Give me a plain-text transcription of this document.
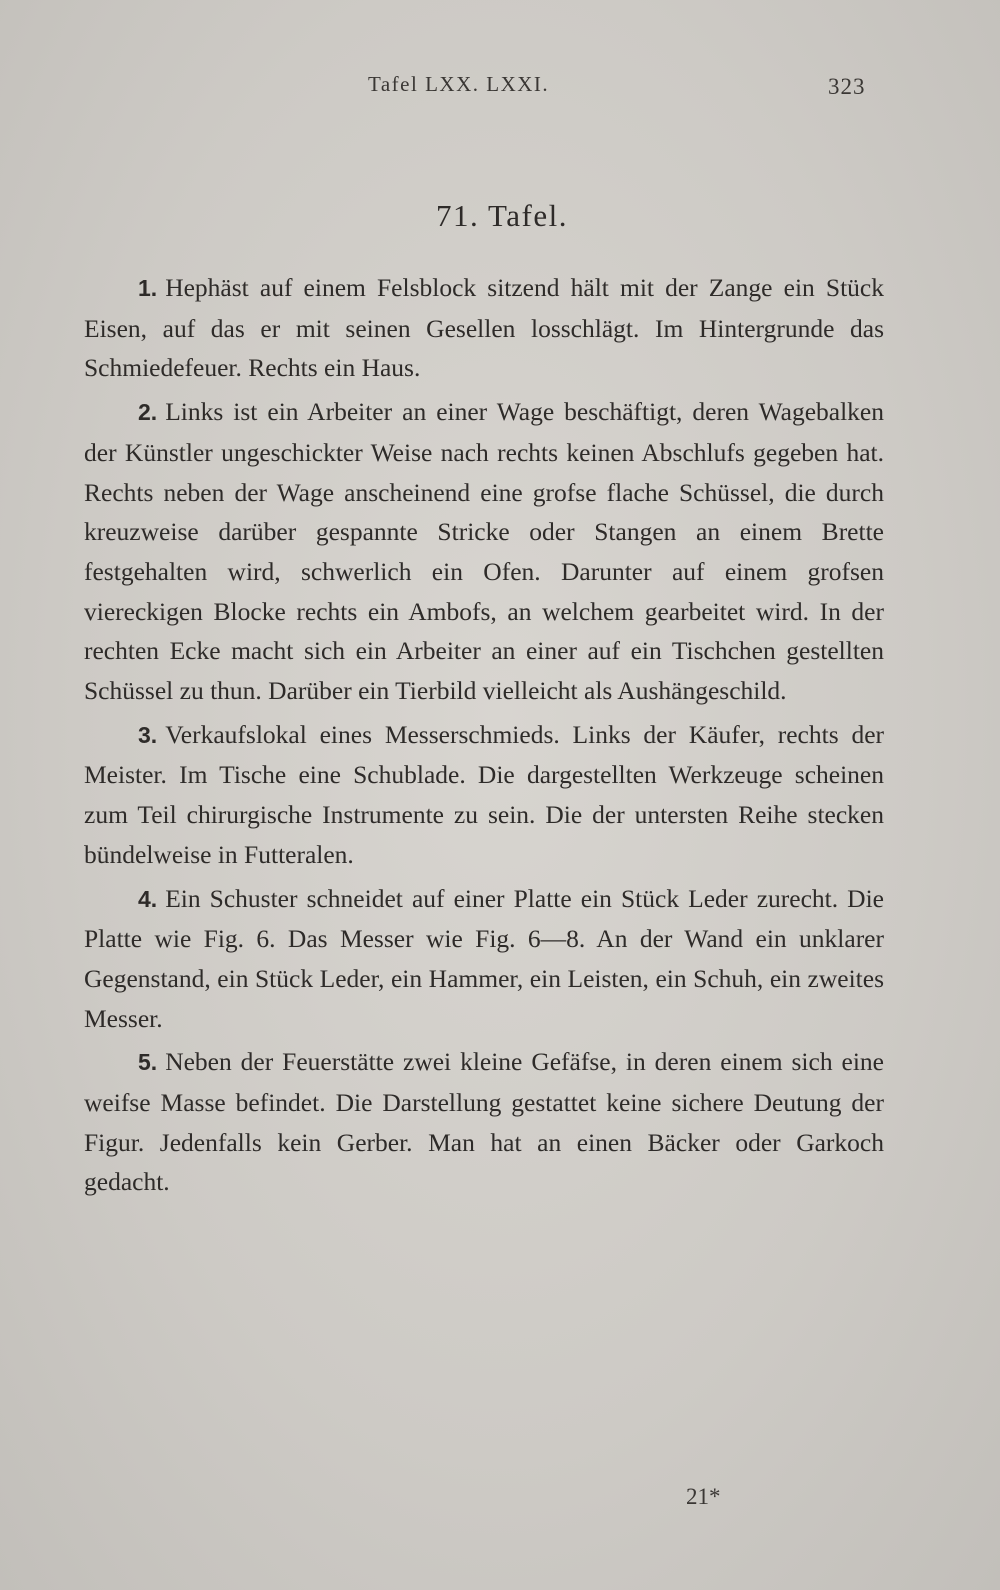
Tafel LXX. LXXI.	323
71. Tafel.

1. Hephäst auf einem Felsblock sitzend hält mit der Zange ein Stück Eisen, auf das er mit seinen Gesellen losschlägt. Im Hintergrunde das Schmiedefeuer. Rechts ein Haus.

2. Links ist ein Arbeiter an einer Wage beschäftigt, deren Wagebalken der Künstler ungeschickter Weise nach rechts keinen Abschlufs gegeben hat. Rechts neben der Wage anscheinend eine grofse flache Schüssel, die durch kreuzweise darüber gespannte Stricke oder Stangen an einem Brette festgehalten wird, schwerlich ein Ofen. Darunter auf einem grofsen viereckigen Blocke rechts ein Ambofs, an welchem gearbeitet wird. In der rechten Ecke macht sich ein Arbeiter an einer auf ein Tischchen gestellten Schüssel zu thun. Darüber ein Tierbild vielleicht als Aushängeschild.

3. Verkaufslokal eines Messerschmieds. Links der Käufer, rechts der Meister. Im Tische eine Schublade. Die dargestellten Werkzeuge scheinen zum Teil chirurgische Instrumente zu sein. Die der untersten Reihe stecken bündelweise in Futteralen.

4. Ein Schuster schneidet auf einer Platte ein Stück Leder zurecht. Die Platte wie Fig. 6. Das Messer wie Fig. 6—8. An der Wand ein unklarer Gegenstand, ein Stück Leder, ein Hammer, ein Leisten, ein Schuh, ein zweites Messer.

5. Neben der Feuerstätte zwei kleine Gefäfse, in deren einem sich eine weifse Masse befindet. Die Darstellung gestattet keine sichere Deutung der Figur. Jedenfalls kein Gerber. Man hat an einen Bäcker oder Garkoch gedacht.

21*
